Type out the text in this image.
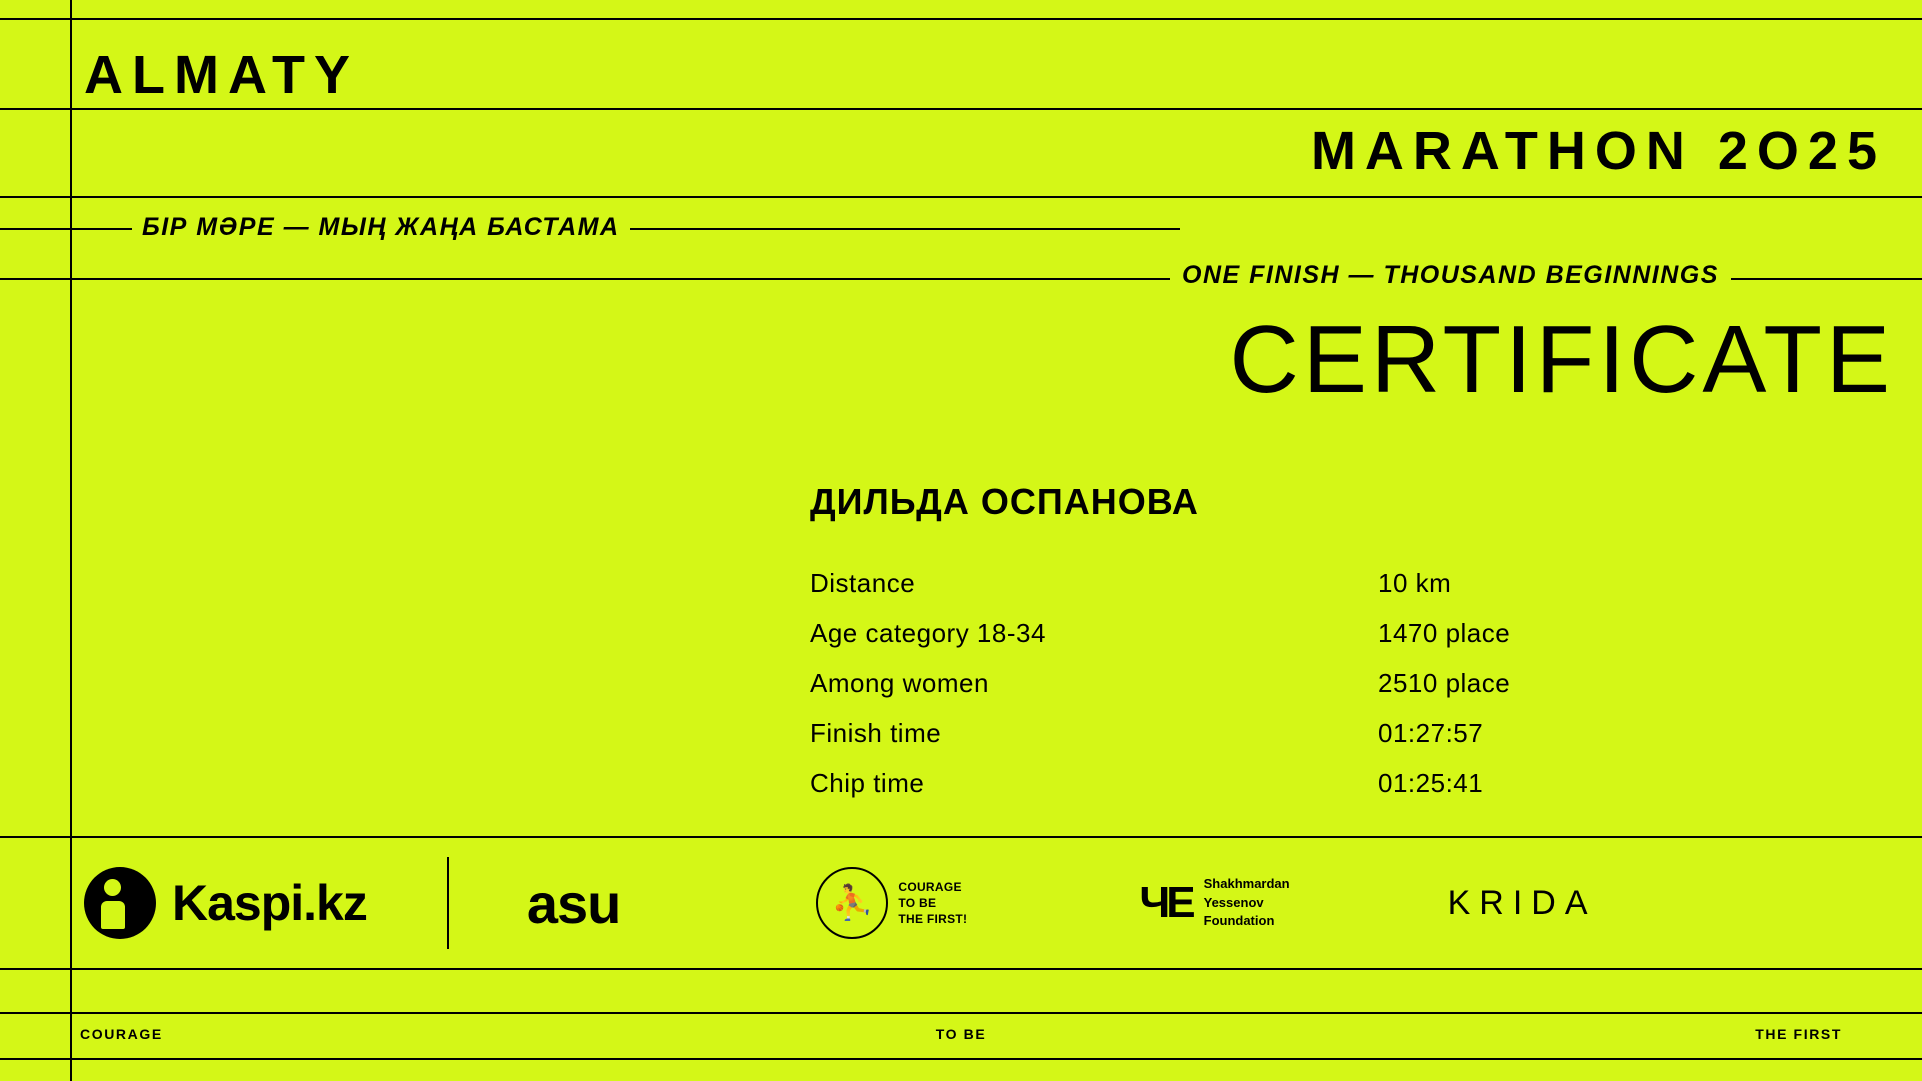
ALMATY
MARATHON 2O25
БІР МӘРЕ — МЫҢ ЖАҢА БАСТАМА
ONE FINISH — THOUSAND BEGINNINGS
CERTIFICATE
ДИЛЬДА ОСПАНОВА
Distance	10 km
Age category 18-34	1470 place
Among women	2510 place
Finish time	01:27:57
Chip time	01:25:41
Kaspi.kz	asu	⛹ COURAGE
TO BE
THE FIRST!	ЧЕ Shakhmardan
Yessenov
Foundation	KRIDA
COURAGE	TO BE	THE FIRST
